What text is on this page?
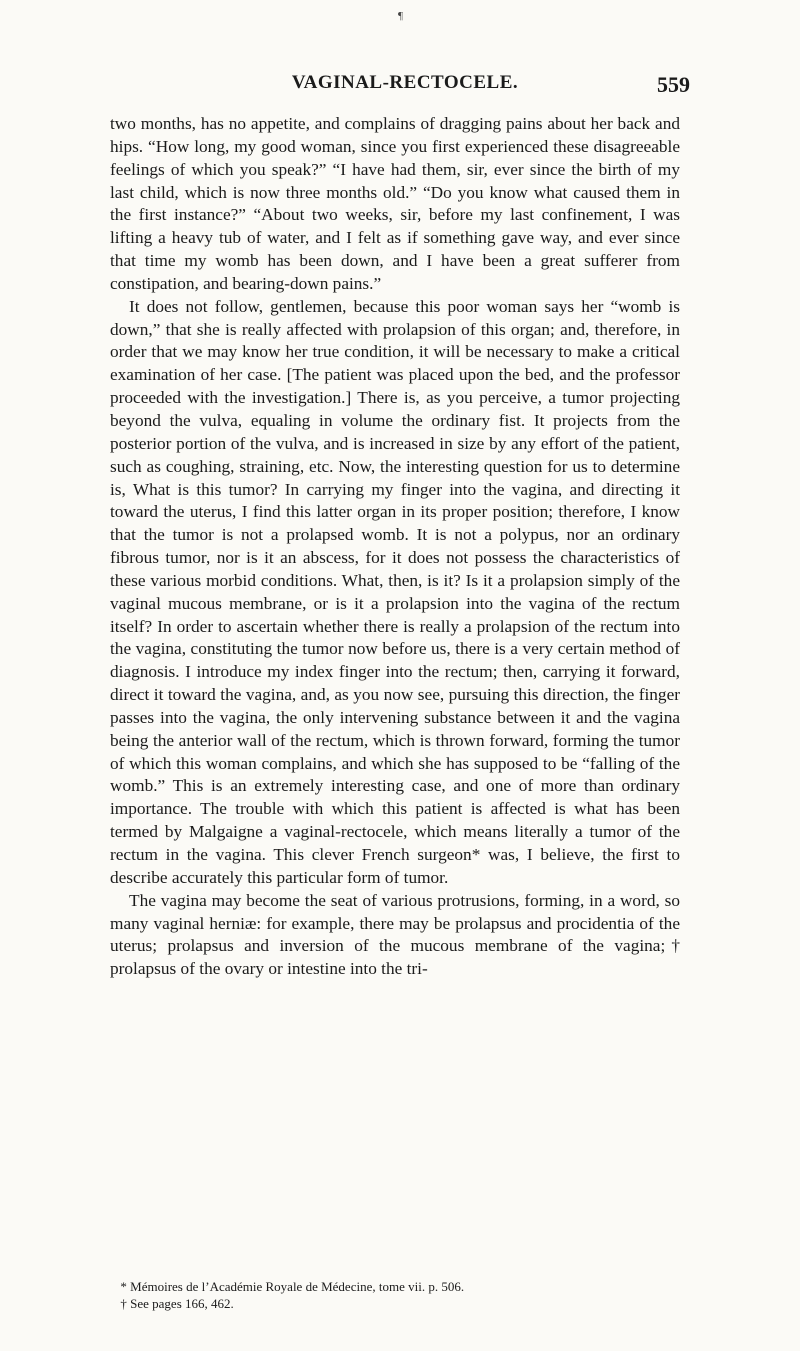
¶
VAGINAL-RECTOCELE.	559

two months, has no appetite, and complains of dragging pains about her back and hips. “How long, my good woman, since you first experienced these disagreeable feelings of which you speak?” “I have had them, sir, ever since the birth of my last child, which is now three months old.” “Do you know what caused them in the first instance?” “About two weeks, sir, before my last confinement, I was lifting a heavy tub of water, and I felt as if something gave way, and ever since that time my womb has been down, and I have been a great sufferer from constipation, and bearing-down pains.”

It does not follow, gentlemen, because this poor woman says her “womb is down,” that she is really affected with prolapsion of this organ; and, therefore, in order that we may know her true condition, it will be necessary to make a critical examination of her case. [The patient was placed upon the bed, and the professor proceeded with the investigation.] There is, as you perceive, a tumor projecting beyond the vulva, equaling in volume the ordinary fist. It projects from the posterior portion of the vulva, and is increased in size by any effort of the patient, such as coughing, straining, etc. Now, the interesting question for us to determine is, What is this tumor? In carrying my finger into the vagina, and directing it toward the uterus, I find this latter organ in its proper position; therefore, I know that the tumor is not a prolapsed womb. It is not a polypus, nor an ordinary fibrous tumor, nor is it an abscess, for it does not possess the characteristics of these various morbid conditions. What, then, is it? Is it a prolapsion simply of the vaginal mucous membrane, or is it a prolapsion into the vagina of the rectum itself? In order to ascertain whether there is really a prolapsion of the rectum into the vagina, constituting the tumor now before us, there is a very certain method of diagnosis. I introduce my index finger into the rectum; then, carrying it forward, direct it toward the vagina, and, as you now see, pursuing this direction, the finger passes into the vagina, the only intervening substance between it and the vagina being the anterior wall of the rectum, which is thrown forward, forming the tumor of which this woman complains, and which she has supposed to be “falling of the womb.” This is an extremely interesting case, and one of more than ordinary importance. The trouble with which this patient is affected is what has been termed by Malgaigne a vaginal-rectocele, which means literally a tumor of the rectum in the vagina. This clever French surgeon* was, I believe, the first to describe accurately this particular form of tumor.

The vagina may become the seat of various protrusions, forming, in a word, so many vaginal herniæ: for example, there may be prolapsus and procidentia of the uterus; prolapsus and inversion of the mucous membrane of the vagina;† prolapsus of the ovary or intestine into the tri-

* Mémoires de l’Académie Royale de Médecine, tome vii. p. 506.

† See pages 166, 462.
